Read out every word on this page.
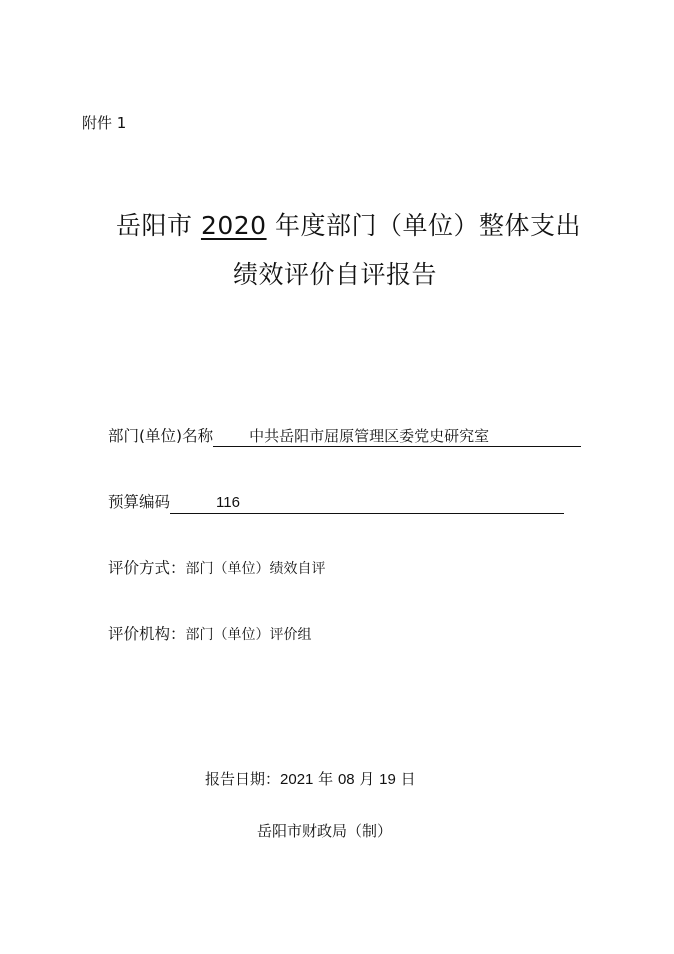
附件 1
岳阳市 2020 年度部门（单位）整体支出
绩效评价自评报告
部门(单位)名称 中共岳阳市屈原管理区委党史研究室
预算编码	116
评价方式：部门（单位）绩效自评
评价机构：部门（单位）评价组
报告日期：2021 年 08 月 19 日
岳阳市财政局（制）
